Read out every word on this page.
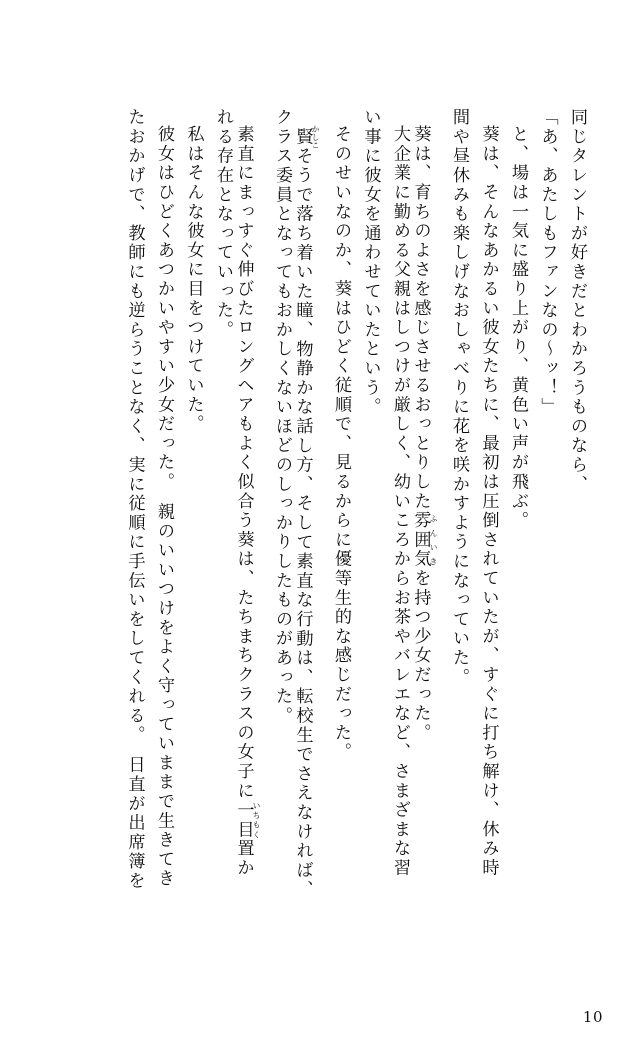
同じタレントが好きだとわかろうものなら、
「あ、あたしもファンなの～ッ！」
と、場は一気に盛り上がり、黄色い声が飛ぶ。
葵は、そんなあかるい彼女たちに、最初は圧倒されていたが、すぐに打ち解け、休み時
間や昼休みも楽しげなおしゃべりに花を咲かすようになっていた。
葵は、育ちのよさを感じさせるおっとりした雰囲気ふんいきを持つ少女だった。
大企業に勤める父親はしつけが厳しく、幼いころからお茶やバレエなど、さまざまな習
い事に彼女を通わせていたという。
そのせいなのか、葵はひどく従順で、見るからに優等生的な感じだった。
賢かしこそうで落ち着いた瞳、物静かな話し方、そして素直な行動は、転校生でさえなければ、
クラス委員となってもおかしくないほどのしっかりしたものがあった。
素直にまっすぐ伸びたロングヘアもよく似合う葵は、たちまちクラスの女子に一目いちもく置か
れる存在となっていった。
私はそんな彼女に目をつけていた。
彼女はひどくあつかいやすい少女だった。　親のいいつけをよく守っていままで生きてき
たおかげで、教師にも逆らうことなく、実に従順に手伝いをしてくれる。　日直が出席簿を
10
